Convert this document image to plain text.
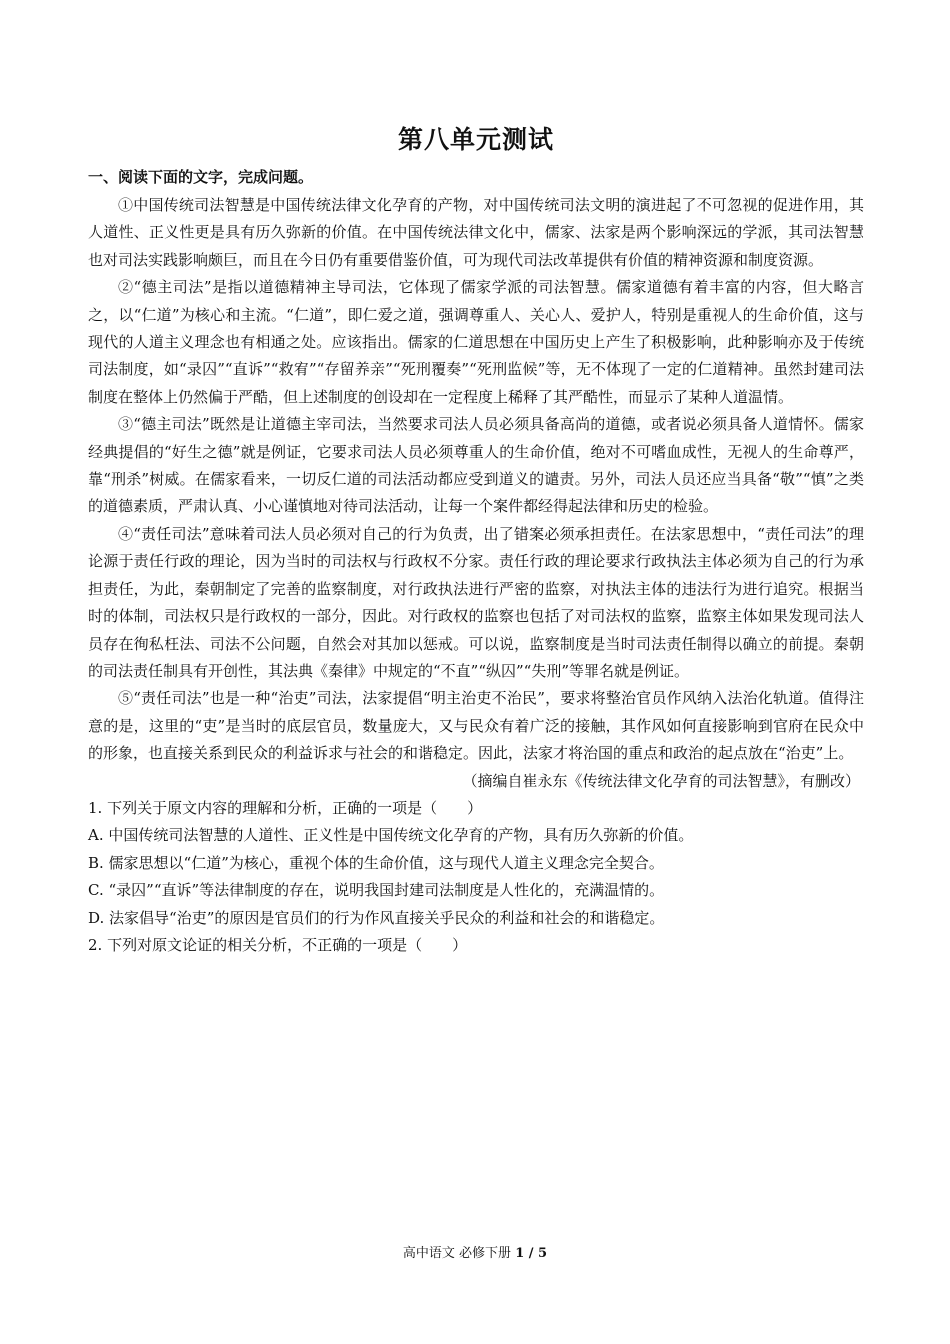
第八单元测试
一、阅读下面的文字，完成问题。

①中国传统司法智慧是中国传统法律文化孕育的产物，对中国传统司法文明的演进起了不可忽视的促进作用，其人道性、正义性更是具有历久弥新的价值。在中国传统法律文化中，儒家、法家是两个影响深远的学派，其司法智慧也对司法实践影响颇巨，而且在今日仍有重要借鉴价值，可为现代司法改革提供有价值的精神资源和制度资源。

②“德主司法”是指以道德精神主导司法，它体现了儒家学派的司法智慧。儒家道德有着丰富的内容，但大略言之，以“仁道”为核心和主流。“仁道”，即仁爱之道，强调尊重人、关心人、爱护人，特别是重视人的生命价值，这与现代的人道主义理念也有相通之处。应该指出。儒家的仁道思想在中国历史上产生了积极影响，此种影响亦及于传统司法制度，如“录囚”“直诉”“救宥”“存留养亲”“死刑覆奏”“死刑监候”等，无不体现了一定的仁道精神。虽然封建司法制度在整体上仍然偏于严酷，但上述制度的创设却在一定程度上稀释了其严酷性，而显示了某种人道温情。

③“德主司法”既然是让道德主宰司法，当然要求司法人员必须具备高尚的道德，或者说必须具备人道情怀。儒家经典提倡的“好生之德”就是例证，它要求司法人员必须尊重人的生命价值，绝对不可嗜血成性，无视人的生命尊严，靠“刑杀”树威。在儒家看来，一切反仁道的司法活动都应受到道义的谴责。另外，司法人员还应当具备“敬”“慎”之类的道德素质，严肃认真、小心谨慎地对待司法活动，让每一个案件都经得起法律和历史的检验。

④“责任司法”意味着司法人员必须对自己的行为负责，出了错案必须承担责任。在法家思想中，“责任司法”的理论源于责任行政的理论，因为当时的司法权与行政权不分家。责任行政的理论要求行政执法主体必须为自己的行为承担责任，为此，秦朝制定了完善的监察制度，对行政执法进行严密的监察，对执法主体的违法行为进行追究。根据当时的体制，司法权只是行政权的一部分，因此。对行政权的监察也包括了对司法权的监察，监察主体如果发现司法人员存在徇私枉法、司法不公问题，自然会对其加以惩戒。可以说，监察制度是当时司法责任制得以确立的前提。秦朝的司法责任制具有开创性，其法典《秦律》中规定的“不直”“纵囚”“失刑”等罪名就是例证。

⑤“责任司法”也是一种“治吏”司法，法家提倡“明主治吏不治民”，要求将整治官员作风纳入法治化轨道。值得注意的是，这里的“吏”是当时的底层官员，数量庞大，又与民众有着广泛的接触，其作风如何直接影响到官府在民众中的形象，也直接关系到民众的利益诉求与社会的和谐稳定。因此，法家才将治国的重点和政治的起点放在“治吏”上。

（摘编自崔永东《传统法律文化孕育的司法智慧》，有删改）

1. 下列关于原文内容的理解和分析，正确的一项是（　　）

A. 中国传统司法智慧的人道性、正义性是中国传统文化孕育的产物，具有历久弥新的价值。

B. 儒家思想以“仁道”为核心，重视个体的生命价值，这与现代人道主义理念完全契合。

C. “录囚”“直诉”等法律制度的存在，说明我国封建司法制度是人性化的，充满温情的。

D. 法家倡导“治吏”的原因是官员们的行为作风直接关乎民众的利益和社会的和谐稳定。

2. 下列对原文论证的相关分析，不正确的一项是（　　）

高中语文 必修下册 1 / 5
